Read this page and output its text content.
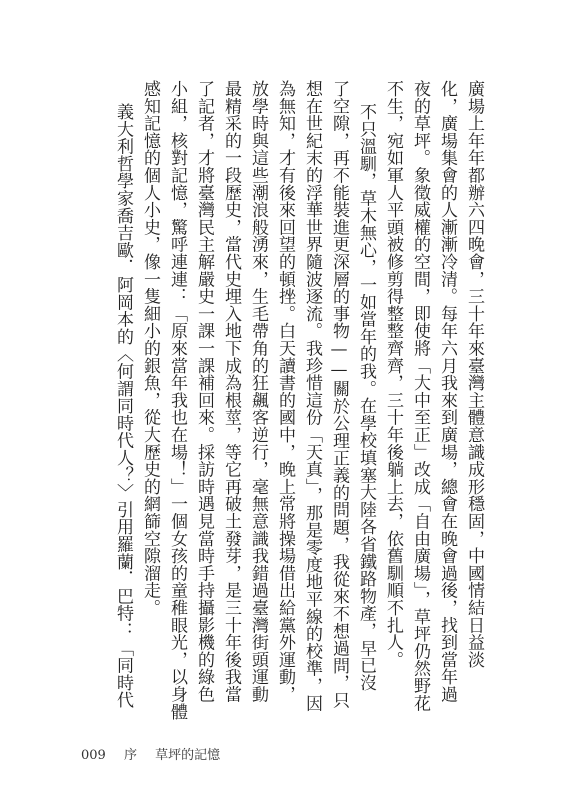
廣場上年年都辦六四晚會，三十年來臺灣主體意識成形穩固，中國情結日益淡
化，廣場集會的人漸漸冷清。每年六月我來到廣場，總會在晚會過後，找到當年過
夜的草坪。象徵威權的空間，即使將「大中至正」改成「自由廣場」，草坪仍然野花
不生，宛如軍人平頭被修剪得整整齊齊，三十年後躺上去，依舊馴順不扎人。
不只溫馴，草木無心，一如當年的我。在學校填塞大陸各省鐵路物產，早已沒
了空隙，再不能裝進更深層的事物——關於公理正義的問題，我從來不想過問，只
想在世紀末的浮華世界隨波逐流。我珍惜這份「天真」，那是零度地平線的校準，因
為無知，才有後來回望的頓挫。白天讀書的國中，晚上常將操場借出給黨外運動，
放學時與這些潮浪般湧來，生毛帶角的狂飆客逆行，毫無意識我錯過臺灣街頭運動
最精采的一段歷史，當代史埋入地下成為根莖，等它再破土發芽，是三十年後我當
了記者，才將臺灣民主解嚴史一課一課補回來。採訪時遇見當時手持攝影機的綠色
小組，核對記憶，驚呼連連：「原來當年我也在場！」一個女孩的童稚眼光，以身體
感知記憶的個人小史，像一隻細小的銀魚，從大歷史的網篩空隙溜走。
義大利哲學家喬吉歐．阿岡本的〈何謂同時代人？〉引用羅蘭．巴特：「同時代
009 序 草坪的記憶
